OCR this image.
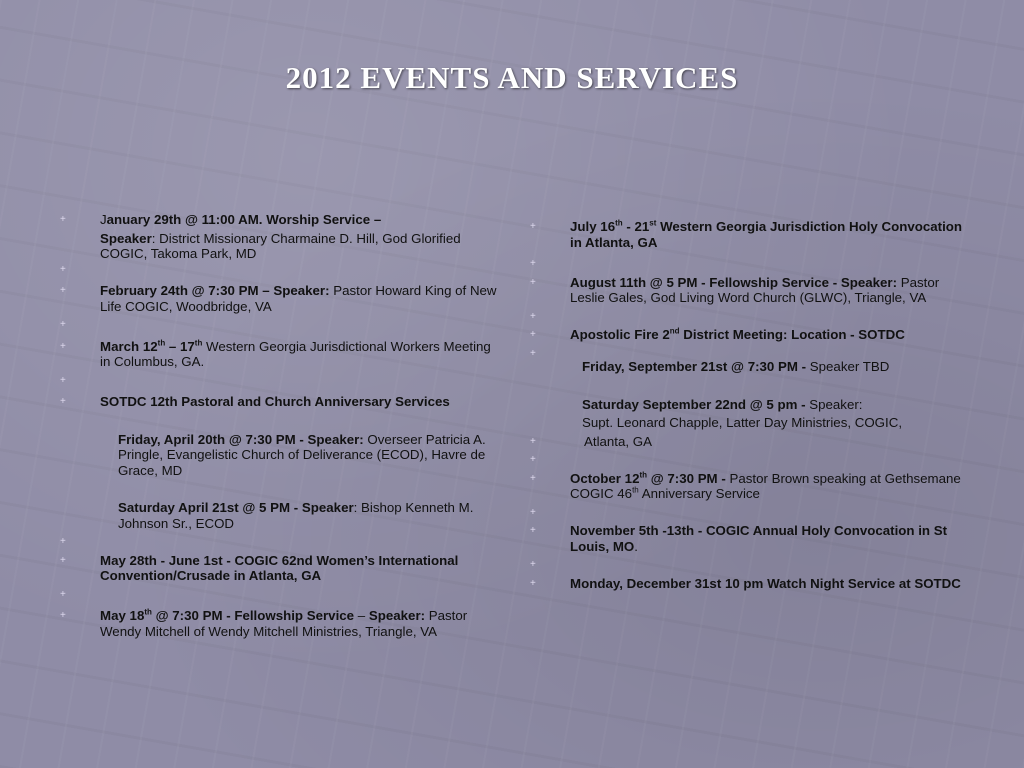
2012 EVENTS AND SERVICES
+	January 29th @ 11:00 AM. Worship Service –
Speaker: District Missionary Charmaine D. Hill, God Glorified COGIC, Takoma Park, MD
+
+	February 24th @ 7:30 PM – Speaker: Pastor Howard King of New Life COGIC, Woodbridge, VA
+
+	March 12th – 17th Western Georgia Jurisdictional Workers Meeting in Columbus, GA.
+
+	SOTDC 12th Pastoral and Church Anniversary Services
Friday, April 20th @ 7:30 PM - Speaker: Overseer Patricia A. Pringle, Evangelistic Church of Deliverance (ECOD), Havre de Grace, MD
Saturday April 21st @ 5 PM - Speaker: Bishop Kenneth M. Johnson Sr., ECOD
+
+	May 28th - June 1st - COGIC 62nd Women’s International Convention/Crusade in Atlanta, GA
+
+	May 18th @ 7:30 PM - Fellowship Service – Speaker: Pastor Wendy Mitchell of Wendy Mitchell Ministries, Triangle, VA
+	July 16th - 21st Western Georgia Jurisdiction Holy Convocation in Atlanta, GA
+
+	August 11th @ 5 PM - Fellowship Service - Speaker: Pastor Leslie Gales, God Living Word Church (GLWC), Triangle, VA
+
+	Apostolic Fire 2nd District Meeting: Location - SOTDC
+
Friday, September 21st @ 7:30 PM - Speaker TBD
Saturday September 22nd @ 5 pm - Speaker:
Supt. Leonard Chapple, Latter Day Ministries, COGIC,
+	Atlanta, GA
+
+	October 12th @ 7:30 PM - Pastor Brown speaking at Gethsemane COGIC 46th Anniversary Service
+
+	November 5th -13th - COGIC Annual Holy Convocation in St Louis, MO.
+
+	Monday, December 31st 10 pm Watch Night Service at SOTDC
